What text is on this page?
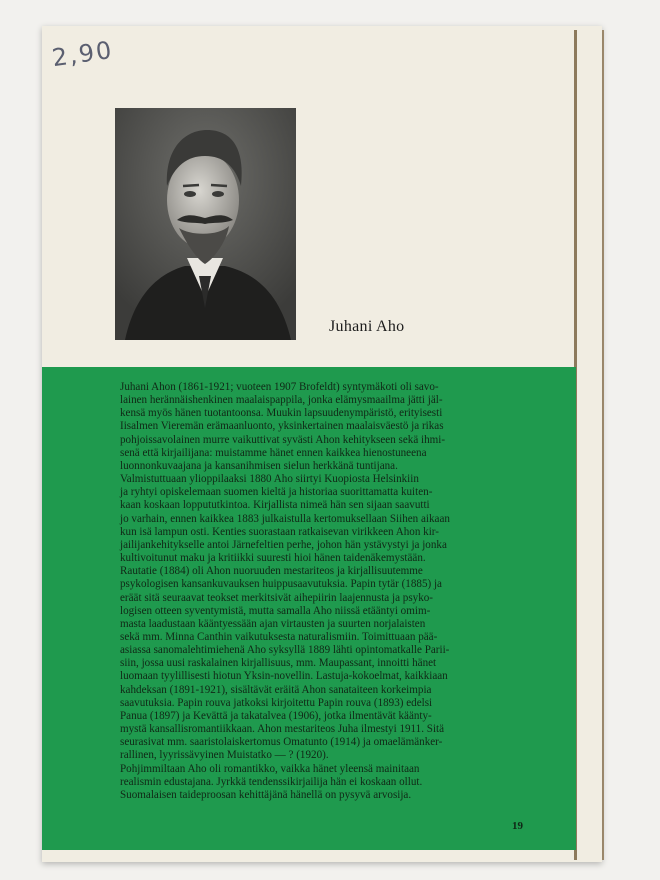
2,90
Juhani Aho
Juhani Ahon (1861-1921; vuoteen 1907 Brofeldt) syntymäkoti oli savo-
lainen herännäishenkinen maalaispappila, jonka elämysmaailma jätti jäl-
kensä myös hänen tuotantoonsa. Muukin lapsuudenympäristö, erityisesti
Iisalmen Vieremän erämaanluonto, yksinkertainen maalaisväestö ja rikas
pohjoissavolainen murre vaikuttivat syvästi Ahon kehitykseen sekä ihmi-
senä että kirjailijana: muistamme hänet ennen kaikkea hienostuneena
luonnonkuvaajana ja kansanihmisen sielun herkkänä tuntijana.
Valmistuttuaan ylioppilaaksi 1880 Aho siirtyi Kuopiosta Helsinkiin
ja ryhtyi opiskelemaan suomen kieltä ja historiaa suorittamatta kuiten-
kaan koskaan loppututkintoa. Kirjallista nimeä hän sen sijaan saavutti
jo varhain, ennen kaikkea 1883 julkaistulla kertomuksellaan Siihen aikaan
kun isä lampun osti. Kenties suorastaan ratkaisevan virikkeen Ahon kir-
jailijankehitykselle antoi Järnefeltien perhe, johon hän ystävystyi ja jonka
kultivoitunut maku ja kritiikki suuresti hioi hänen taidenäkemystään.
Rautatie (1884) oli Ahon nuoruuden mestariteos ja kirjallisuutemme
psykologisen kansankuvauksen huippusaavutuksia. Papin tytär (1885) ja
eräät sitä seuraavat teokset merkitsivät aihepiirin laajennusta ja psyko-
logisen otteen syventymistä, mutta samalla Aho niissä etääntyi omim-
masta laadustaan kääntyessään ajan virtausten ja suurten norjalaisten
sekä mm. Minna Canthin vaikutuksesta naturalismiin. Toimittuaan pää-
asiassa sanomalehtimiehenä Aho syksyllä 1889 lähti opintomatkalle Parii-
siin, jossa uusi raskalainen kirjallisuus, mm. Maupassant, innoitti hänet
luomaan tyylillisesti hiotun Yksin-novellin. Lastuja-kokoelmat, kaikkiaan
kahdeksan (1891-1921), sisältävät eräitä Ahon sanataiteen korkeimpia
saavutuksia. Papin rouva jatkoksi kirjoitettu Papin rouva (1893) edelsi
Panua (1897) ja Kevättä ja takatalvea (1906), jotka ilmentävät käänty-
mystä kansallisromantiikkaan. Ahon mestariteos Juha ilmestyi 1911. Sitä
seurasivat mm. saaristolaiskertomus Omatunto (1914) ja omaelämänker-
rallinen, lyyrissävyinen Muistatko — ? (1920).
Pohjimmiltaan Aho oli romantikko, vaikka hänet yleensä mainitaan
realismin edustajana. Jyrkkä tendenssikirjailija hän ei koskaan ollut.
Suomalaisen taideproosan kehittäjänä hänellä on pysyvä arvosija.
19
